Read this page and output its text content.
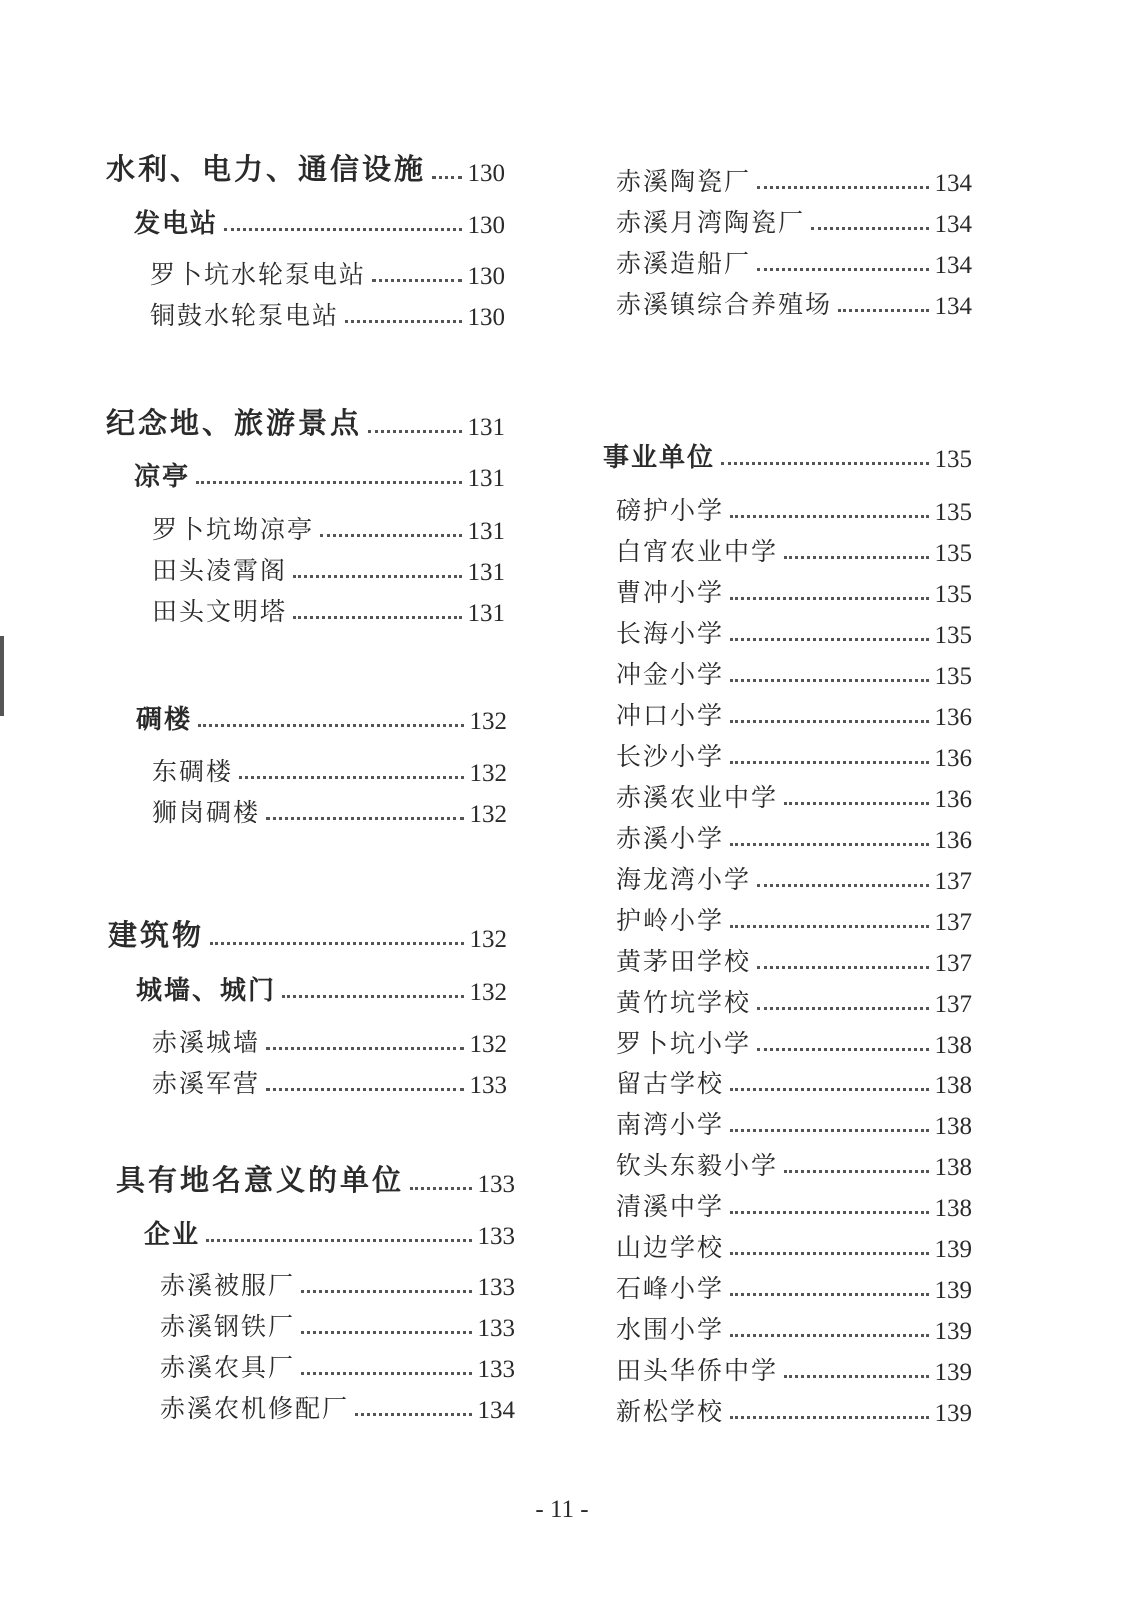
水利、电力、通信设施 130
发电站	130
罗卜坑水轮泵电站	130
铜鼓水轮泵电站	130
纪念地、旅游景点	131
凉亭	131
罗卜坑坳凉亭	131
田头凌霄阁	131
田头文明塔	131
碉楼	132
东碉楼	132
狮岗碉楼	132
建筑物	132
城墙、城门	132
赤溪城墙	132
赤溪军营	133
具有地名意义的单位	133
企业	133
赤溪被服厂	133
赤溪钢铁厂	133
赤溪农具厂	133
赤溪农机修配厂	134
赤溪陶瓷厂	134
赤溪月湾陶瓷厂	134
赤溪造船厂	134
赤溪镇综合养殖场	134
事业单位	135
磅护小学	135
白宵农业中学	135
曹冲小学	135
长海小学	135
冲金小学	135
冲口小学	136
长沙小学	136
赤溪农业中学	136
赤溪小学	136
海龙湾小学	137
护岭小学	137
黄茅田学校	137
黄竹坑学校	137
罗卜坑小学	138
留古学校	138
南湾小学	138
钦头东毅小学	138
清溪中学	138
山边学校	139
石峰小学	139
水围小学	139
田头华侨中学	139
新松学校	139
- 11 -
